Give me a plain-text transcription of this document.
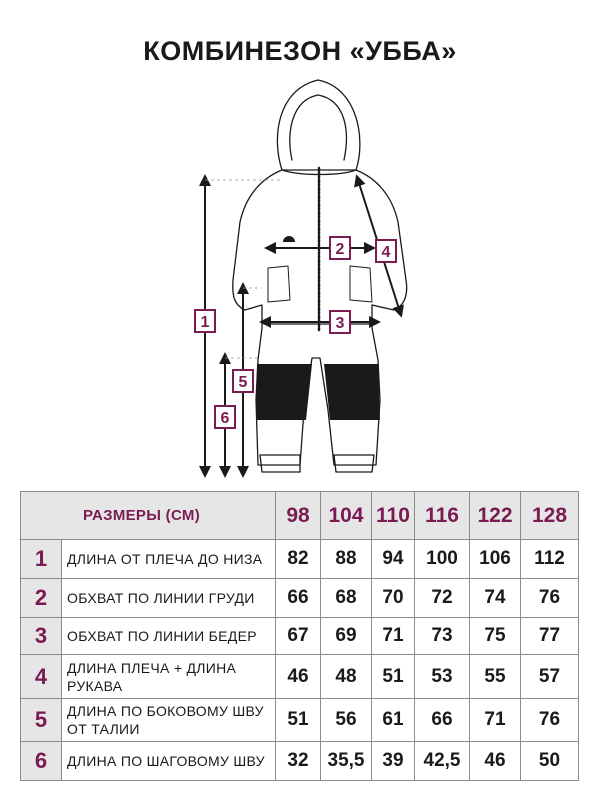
КОМБИНЕЗОН «УББА»
1
2
3
4
5
6
РАЗМЕРЫ (СМ)		98	104	110	116	122	128
1	ДЛИНА ОТ ПЛЕЧА ДО НИЗА	82	88	94	100	106	112
2	ОБХВАТ ПО ЛИНИИ ГРУДИ	66	68	70	72	74	76
3	ОБХВАТ ПО ЛИНИИ БЕДЕР	67	69	71	73	75	77
4	ДЛИНА ПЛЕЧА + ДЛИНА РУКАВА	46	48	51	53	55	57
5	ДЛИНА ПО БОКОВОМУ ШВУ ОТ ТАЛИИ	51	56	61	66	71	76
6	ДЛИНА ПО ШАГОВОМУ ШВУ	32	35,5	39	42,5	46	50
